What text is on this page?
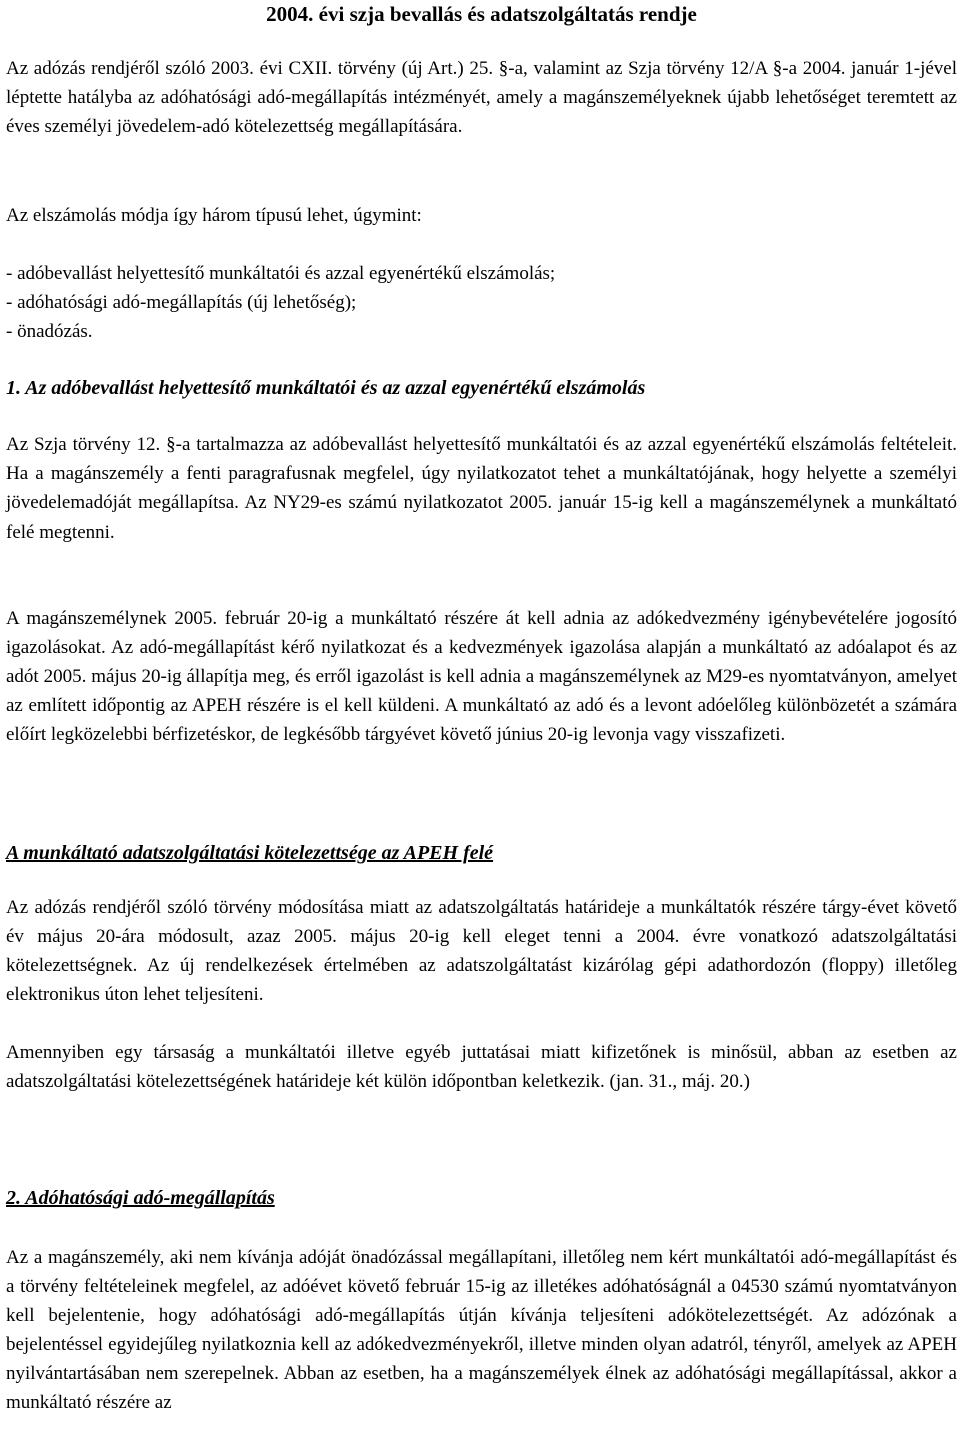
2004. évi szja bevallás és adatszolgáltatás rendje

Az adózás rendjéről szóló 2003. évi CXII. törvény (új Art.) 25. §-a, valamint az Szja törvény 12/A §-a 2004. január 1-jével léptette hatályba az adóhatósági adó-megállapítás intézményét, amely a magánszemélyeknek újabb lehetőséget teremtett az éves személyi jövedelem-adó kötelezettség megállapítására.

Az elszámolás módja így három típusú lehet, úgymint:

- adóbevallást helyettesítő munkáltatói és azzal egyenértékű elszámolás;

- adóhatósági adó-megállapítás (új lehetőség);

- önadózás.

1. Az adóbevallást helyettesítő munkáltatói és az azzal egyenértékű elszámolás

Az Szja törvény 12. §-a tartalmazza az adóbevallást helyettesítő munkáltatói és az azzal egyenértékű elszámolás feltételeit. Ha a magánszemély a fenti paragrafusnak megfelel, úgy nyilatkozatot tehet a munkáltatójának, hogy helyette a személyi jövedelemadóját megállapítsa. Az NY29-es számú nyilatkozatot 2005. január 15-ig kell a magánszemélynek a munkáltató felé megtenni.

A magánszemélynek 2005. február 20-ig a munkáltató részére át kell adnia az adókedvezmény igénybevételére jogosító igazolásokat. Az adó-megállapítást kérő nyilatkozat és a kedvezmények igazolása alapján a munkáltató az adóalapot és az adót 2005. május 20-ig állapítja meg, és erről igazolást is kell adnia a magánszemélynek az M29-es nyomtatványon, amelyet az említett időpontig az APEH részére is el kell küldeni. A munkáltató az adó és a levont adóelőleg különbözetét a számára előírt legközelebbi bérfizetéskor, de legkésőbb tárgyévet követő június 20-ig levonja vagy visszafizeti.

A munkáltató adatszolgáltatási kötelezettsége az APEH felé

Az adózás rendjéről szóló törvény módosítása miatt az adatszolgáltatás határideje a munkáltatók részére tárgy-évet követő év május 20-ára módosult, azaz 2005. május 20-ig kell eleget tenni a 2004. évre vonatkozó adatszolgáltatási kötelezettségnek. Az új rendelkezések értelmében az adatszolgáltatást kizárólag gépi adathordozón (floppy) illetőleg elektronikus úton lehet teljesíteni.

Amennyiben egy társaság a munkáltatói illetve egyéb juttatásai miatt kifizetőnek is minősül, abban az esetben az adatszolgáltatási kötelezettségének határideje két külön időpontban keletkezik. (jan. 31., máj. 20.)

2. Adóhatósági adó-megállapítás

Az a magánszemély, aki nem kívánja adóját önadózással megállapítani, illetőleg nem kért munkáltatói adó-megállapítást és a törvény feltételeinek megfelel, az adóévet követő február 15-ig az illetékes adóhatóságnál a 04530 számú nyomtatványon kell bejelentenie, hogy adóhatósági adó-megállapítás útján kívánja teljesíteni adókötelezettségét. Az adózónak a bejelentéssel egyidejűleg nyilatkoznia kell az adókedvezményekről, illetve minden olyan adatról, tényről, amelyek az APEH nyilvántartásában nem szerepelnek. Abban az esetben, ha a magánszemélyek élnek az adóhatósági megállapítással, akkor a munkáltató részére az
